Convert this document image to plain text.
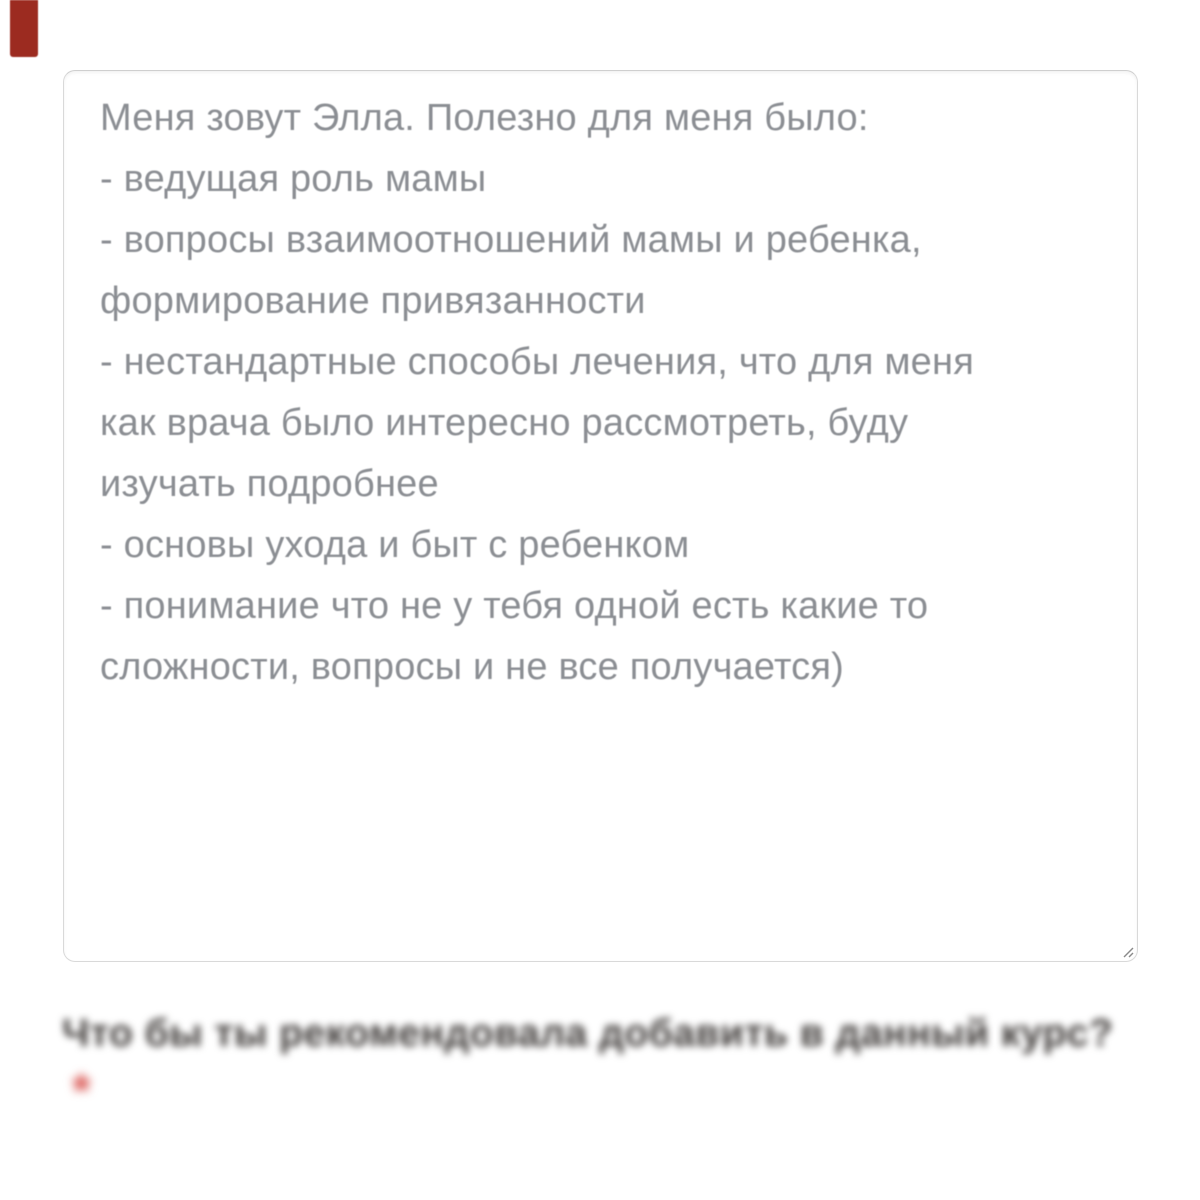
Меня зовут Элла. Полезно для меня было:
- ведущая роль мамы
- вопросы взаимоотношений мамы и ребенка,
формирование привязанности
- нестандартные способы лечения, что для меня
как врача было интересно рассмотреть, буду
изучать подробнее
- основы ухода и быт с ребенком
- понимание что не у тебя одной есть какие то
сложности, вопросы и не все получается)
Что бы ты рекомендовала добавить в данный курс?
*
